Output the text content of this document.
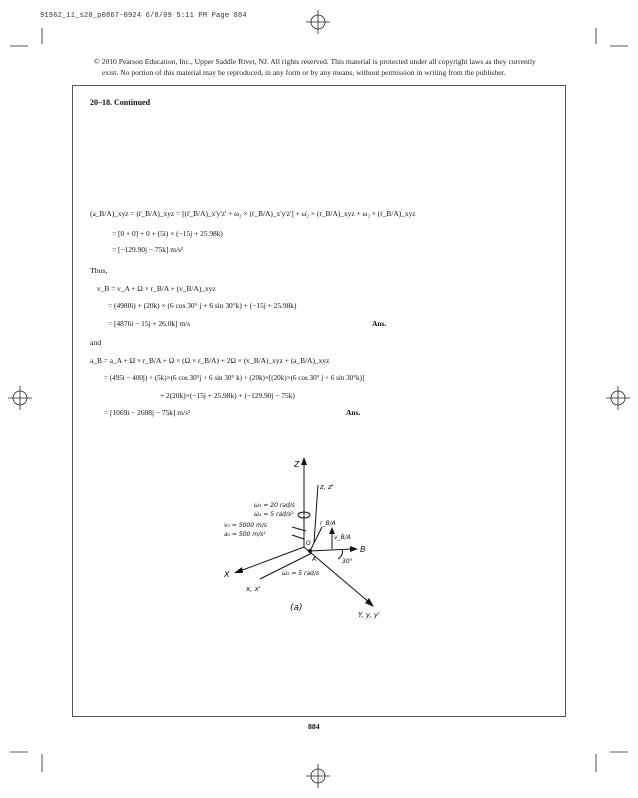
91962_11_s20_p0867-0924 6/8/09 5:11 PM Page 884
© 2010 Pearson Education, Inc., Upper Saddle River, NJ. All rights reserved. This material is protected under all copyright laws as they currently
exist. No portion of this material may be reproduced, in any form or by any means, without permission in writing from the publisher.
20–18. Continued
(a_B/A)_xyz = (r̈_B/A)_xyz = [(r̈_B/A)_x'y'z' + ω₂ × (ṙ_B/A)_x'y'z'] + ω̇₂ × (r_B/A)_xyz + ω₂ × (ṙ_B/A)_xyz
= [0 + 0] + 0 + (5i) × (−15j + 25.98k)
= [−129.90j − 75k] m/s²
Thus,
v_B = v_A + Ω × r_B/A + (v_B/A)_xyz
= (4980i) + (20k) × (6 cos 30° j + 6 sin 30°k) + (−15j + 25.98k)
= [4876i − 15j + 26.0k] m/s	Ans.
and
a_B = a_A + Ω̇ × r_B/A + Ω × (Ω × r_B/A) + 2Ω × (v_B/A)_xyz + (a_B/A)_xyz
= (495i − 400j) + (5k)×(6 cos 30°j + 6 sin 30° k) + (20k)×[(20k)×(6 cos 30° j + 6 sin 30°k)]
+ 2(20k)×(−15j + 25.98k) + (−129.90j − 75k)
= [1069i − 2608j − 75k] m/s²	Ans.
Z
z, z'
ω₁ = 20 rad/s
ω̇₁ = 5 rad/s²
v₀ = 5000 m/s
a₀ = 500 m/s²
r_B/A
v_B/A
O
A
B
30°
ω₂ = 5 rad/s
X
x, x'
Y, y, y'
(a)
884
